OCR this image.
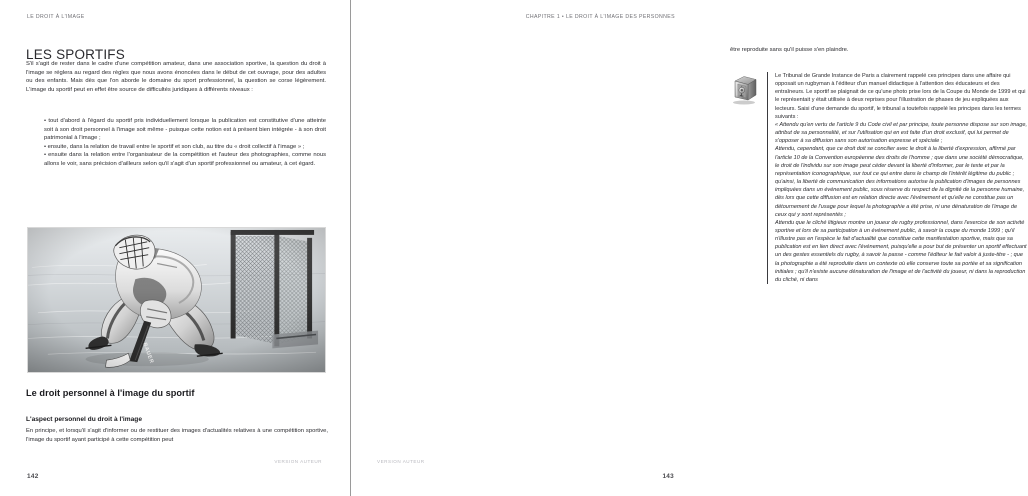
LE DROIT À L'IMAGE
LES SPORTIFS

S'il s'agit de rester dans le cadre d'une compétition amateur, dans une association sportive, la question du droit à l'image se réglera au regard des règles que nous avons énoncées dans le début de cet ouvrage, pour des adultes ou des enfants. Mais dès que l'on aborde le domaine du sport professionnel, la question se corse légèrement. L'image du sportif peut en effet être source de difficultés juridiques à différents niveaux :

• tout d'abord à l'égard du sportif pris individuellement lorsque la publication est constitutive d'une atteinte soit à son droit personnel à l'image soit même - puisque cette notion est à présent bien intégrée - à son droit patrimonial à l'image ;

• ensuite, dans la relation de travail entre le sportif et son club, au titre du « droit collectif à l'image » ;

• ensuite dans la relation entre l'organisateur de la compétition et l'auteur des photographies, comme nous allons le voir, sans précision d'ailleurs selon qu'il s'agit d'un sportif professionnel ou amateur, à cet égard.

Le droit personnel à l'image du sportif
L'aspect personnel du droit à l'image

En principe, et lorsqu'il s'agit d'informer ou de restituer des images d'actualités relatives à une compétition sportive, l'image du sportif ayant participé à cette compétition peut

VERSION AUTEUR
142
CHAPITRE 1 • LE DROIT À L'IMAGE DES PERSONNES

être reproduite sans qu'il puisse s'en plaindre.

Le Tribunal de Grande Instance de Paris a clairement rappelé ces principes dans une affaire qui opposait un rugbyman à l'éditeur d'un manuel didactique à l'attention des éducateurs et des entraîneurs. Le sportif se plaignait de ce qu'une photo prise lors de la Coupe du Monde de 1999 et qui le représentait y était utilisée à deux reprises pour l'illustration de phases de jeu expliquées aux lecteurs. Saisi d'une demande du sportif, le tribunal a toutefois rappelé les principes dans les termes suivants :

« Attendu qu'en vertu de l'article 9 du Code civil et par principe, toute personne dispose sur son image, attribut de sa personnalité, et sur l'utilisation qui en est faite d'un droit exclusif, qui lui permet de s'opposer à sa diffusion sans son autorisation expresse et spéciale ;

Attendu, cependant, que ce droit doit se concilier avec le droit à la liberté d'expression, affirmé par l'article 10 de la Convention européenne des droits de l'homme ; que dans une société démocratique, le droit de l'individu sur son image peut céder devant la liberté d'informer, par le texte et par la représentation iconographique, sur tout ce qui entre dans le champ de l'intérêt légitime du public ; qu'ainsi, la liberté de communication des informations autorise la publication d'images de personnes impliquées dans un événement public, sous réserve du respect de la dignité de la personne humaine, dès lors que cette diffusion est en relation directe avec l'événement et qu'elle ne constitue pas un détournement de l'usage pour lequel la photographie a été prise, ni une dénaturation de l'image de ceux qui y sont représentés ;

Attendu que le cliché litigieux montre un joueur de rugby professionnel, dans l'exercice de son activité sportive et lors de sa participation à un événement public, à savoir la coupe du monde 1999 ; qu'il n'illustre pas en l'espèce le fait d'actualité que constitue cette manifestation sportive, mais que sa publication est en lien direct avec l'événement, puisqu'elle a pour but de présenter un sportif effectuant un des gestes essentiels du rugby, à savoir la passe - comme l'éditeur le fait valoir à juste-titre - ; que la photographie a été reproduite dans un contexte où elle conserve toute sa portée et sa signification initiales ; qu'il n'existe aucune dénaturation de l'image et de l'activité du joueur, ni dans la reproduction du cliché, ni dans

VERSION AUTEUR
143
